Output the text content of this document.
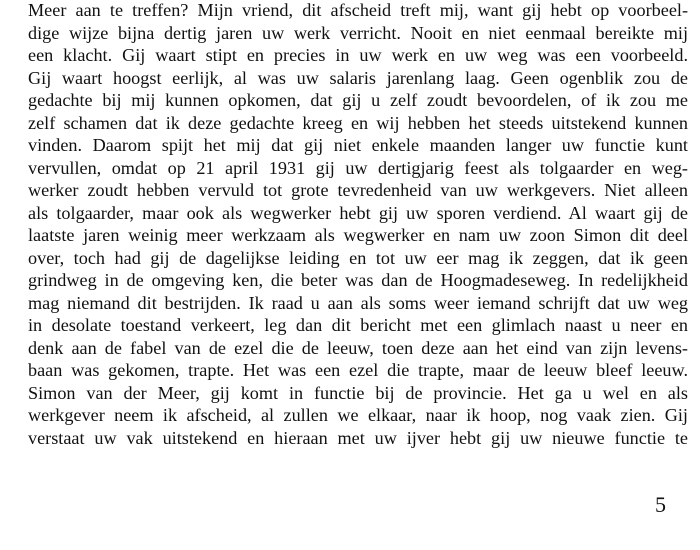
Meer aan te treffen? Mijn vriend, dit afscheid treft mij, want gij hebt op voorbeel-
dige wijze bijna dertig jaren uw werk verricht. Nooit en niet eenmaal bereikte mij
een klacht. Gij waart stipt en precies in uw werk en uw weg was een voorbeeld.
Gij waart hoogst eerlijk, al was uw salaris jarenlang laag. Geen ogenblik zou de
gedachte bij mij kunnen opkomen, dat gij u zelf zoudt bevoordelen, of ik zou me
zelf schamen dat ik deze gedachte kreeg en wij hebben het steeds uitstekend kunnen
vinden. Daarom spijt het mij dat gij niet enkele maanden langer uw functie kunt
vervullen, omdat op 21 april 1931 gij uw dertigjarig feest als tolgaarder en weg-
werker zoudt hebben vervuld tot grote tevredenheid van uw werkgevers. Niet alleen
als tolgaarder, maar ook als wegwerker hebt gij uw sporen verdiend. Al waart gij de
laatste jaren weinig meer werkzaam als wegwerker en nam uw zoon Simon dit deel
over, toch had gij de dagelijkse leiding en tot uw eer mag ik zeggen, dat ik geen
grindweg in de omgeving ken, die beter was dan de Hoogmadeseweg. In redelijkheid
mag niemand dit bestrijden. Ik raad u aan als soms weer iemand schrijft dat uw weg
in desolate toestand verkeert, leg dan dit bericht met een glimlach naast u neer en
denk aan de fabel van de ezel die de leeuw, toen deze aan het eind van zijn levens-
baan was gekomen, trapte. Het was een ezel die trapte, maar de leeuw bleef leeuw.
Simon van der Meer, gij komt in functie bij de provincie. Het ga u wel en als
werkgever neem ik afscheid, al zullen we elkaar, naar ik hoop, nog vaak zien. Gij
verstaat uw vak uitstekend en hieraan met uw ijver hebt gij uw nieuwe functie te
5
